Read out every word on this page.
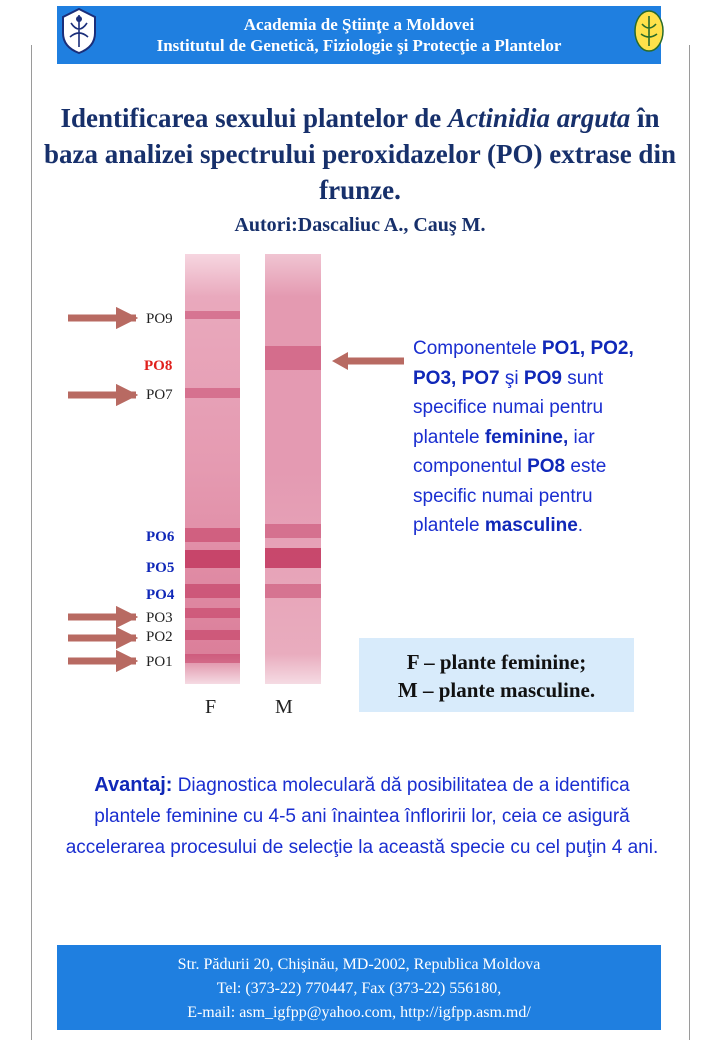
Academia de Ştiinţe a Moldovei
Institutul de Genetică, Fiziologie şi Protecţie a Plantelor
Identificarea sexului plantelor de Actinidia arguta în baza analizei spectrului peroxidazelor (PO) extrase din frunze.
Autori:Dascaliuc A., Cauş M.
PO9
PO8
PO7
PO6
PO5
PO4
PO3
PO2
PO1
F	M
Componentele PO1, PO2, PO3, PO7 şi PO9 sunt specifice numai pentru plantele feminine, iar componentul PO8 este specific numai pentru plantele masculine.
F – plante feminine;
M – plante masculine.
Avantaj: Diagnostica moleculară dă posibilitatea de a identifica plantele feminine cu 4-5 ani înaintea înfloririi lor, ceia ce asigură accelerarea procesului de selecţie la această specie cu cel puţin 4 ani.
Str. Pădurii 20, Chişinău, MD-2002, Republica Moldova
Tel: (373-22) 770447, Fax (373-22) 556180,
E-mail: asm_igfpp@yahoo.com, http://igfpp.asm.md/
